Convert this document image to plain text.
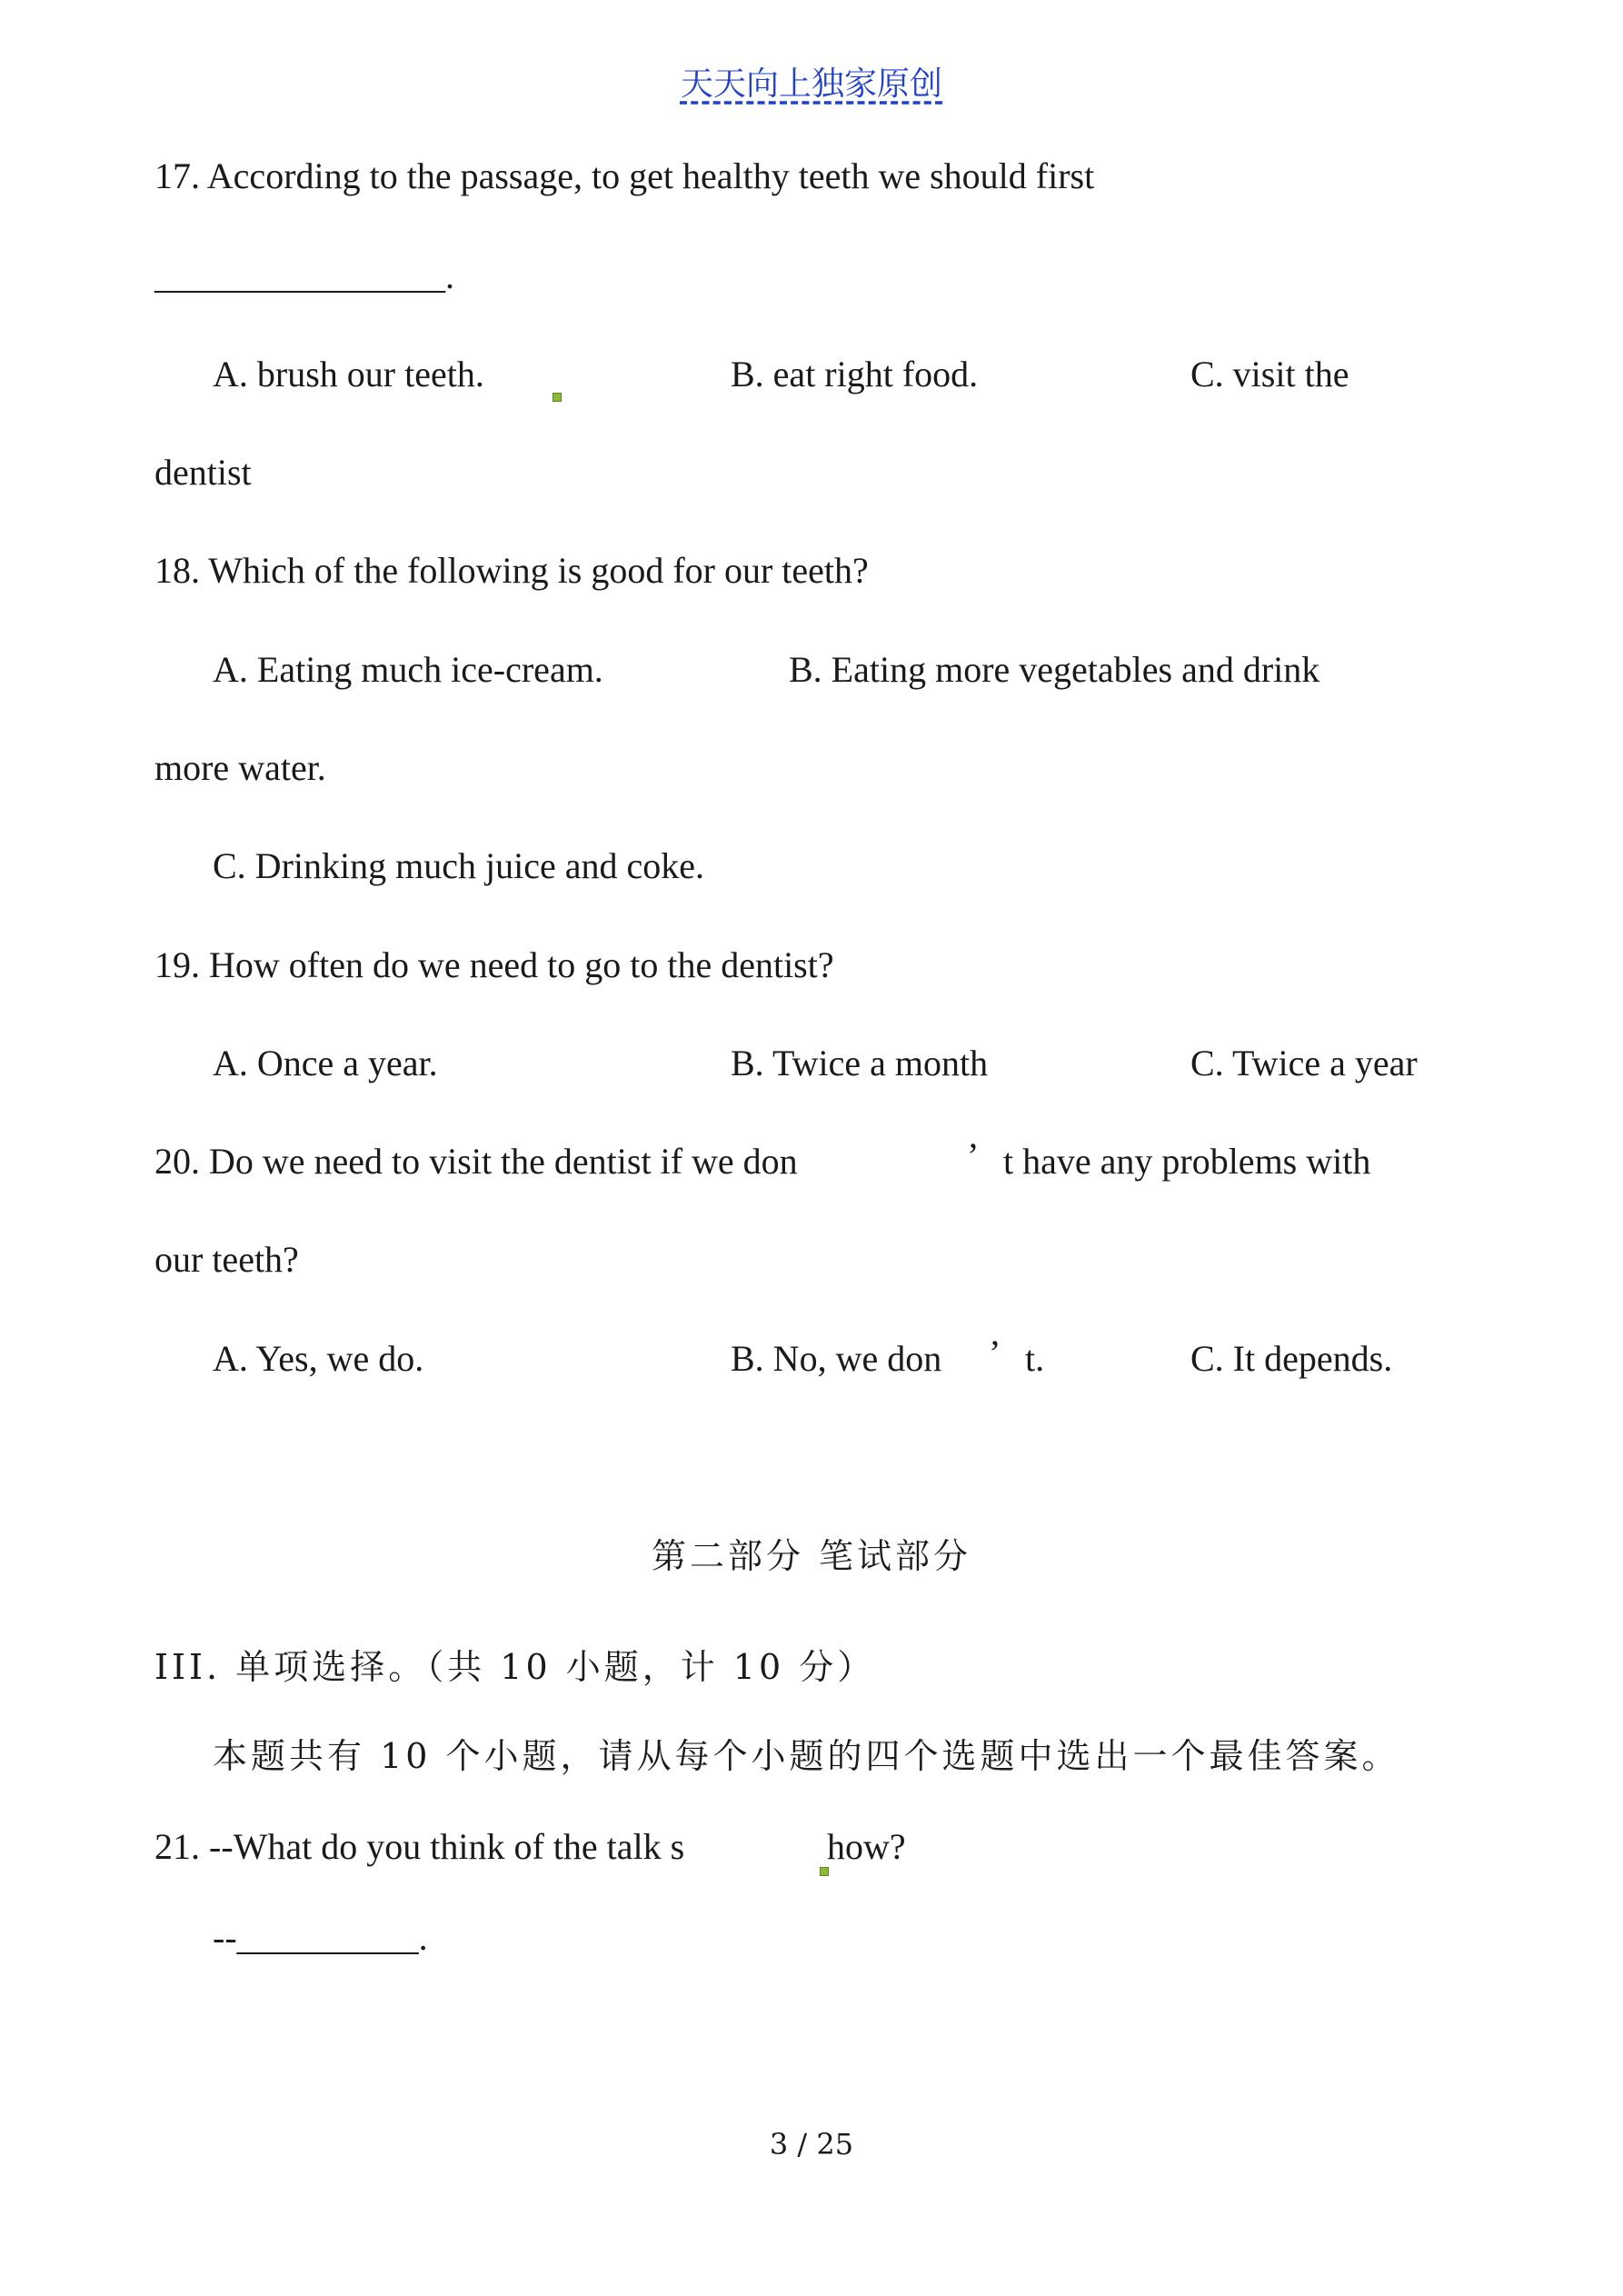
天天向上独家原创
17. According to the passage, to get healthy teeth we should first
________________.
A. brush our teeth.	B. eat right food.	C. visit the
dentist
18. Which of the following is good for our teeth?
A. Eating much ice-cream.	B. Eating more vegetables and drink
more water.
C. Drinking much juice and coke.
19. How often do we need to go to the dentist?
A. Once a year.	B. Twice a month	C. Twice a year
20. Do we need to visit the dentist if we don	’ t have any problems with
our teeth?
A. Yes, we do.	B. No, we don ’ t.	C. It depends.
第二部分 笔试部分
III. 单项选择。（共 10 小题，计 10 分）
本题共有 10 个小题，请从每个小题的四个选题中选出一个最佳答案。
21. --What do you think of the talk s	how?
--__________.
3 / 25
